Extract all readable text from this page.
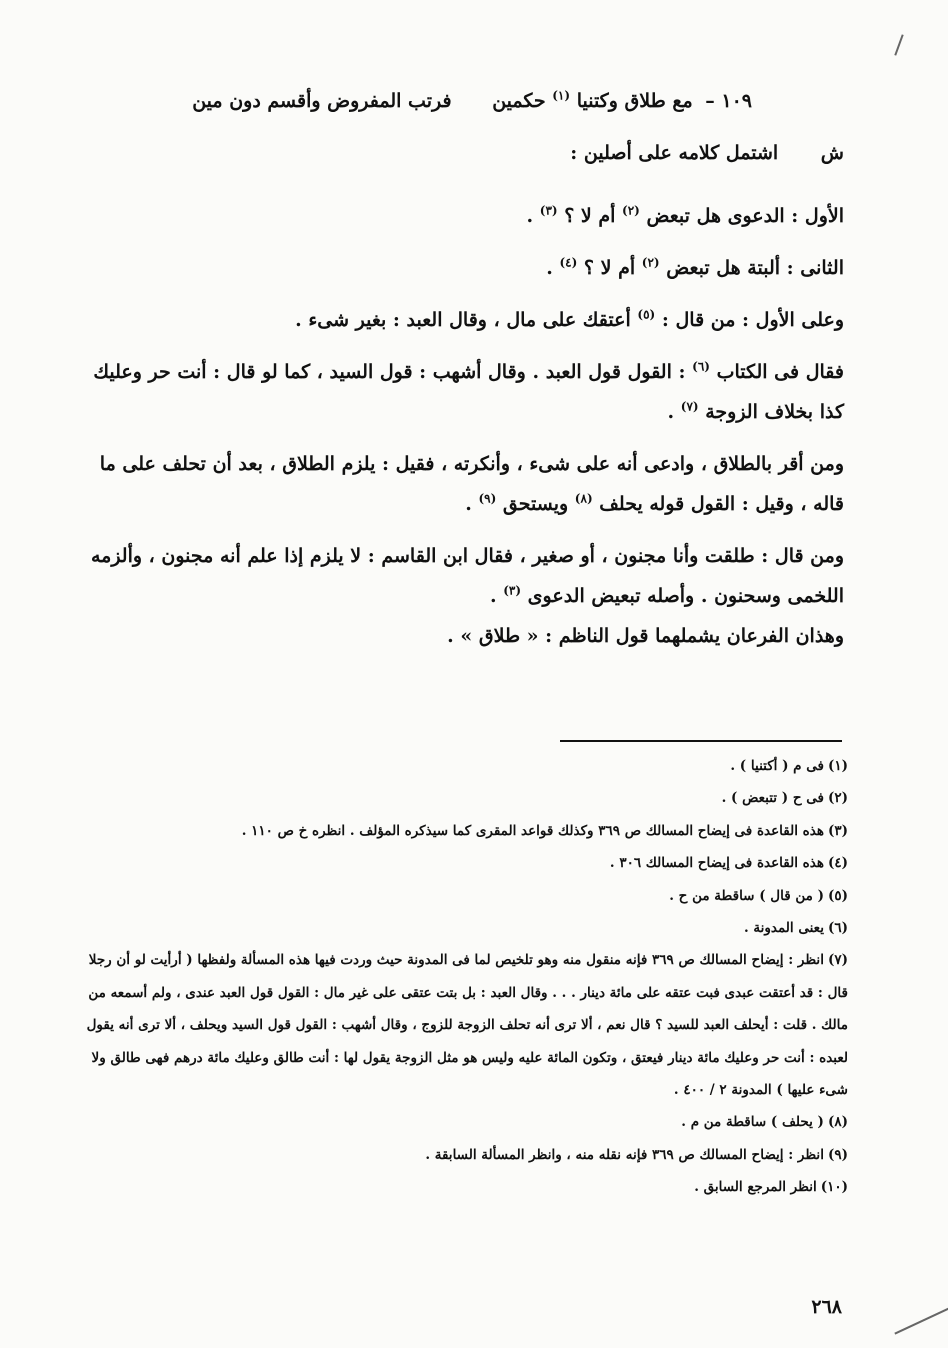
١٠٩ – مع طلاق وكتنيا $^{(١)}$ حكمين فرتب المفروض وأقسم دون مين
ش اشتمل كلامه على أصلين :

الأول : الدعوى هل تبعض $^{(٢)}$ أم لا ؟ $^{(٣)}$ .

الثانى : ألبتة هل تبعض $^{(٢)}$ أم لا ؟ $^{(٤)}$ .

وعلى الأول : من قال : $^{(٥)}$ أعتقك على مال ، وقال العبد : بغير شىء .

فقال فى الكتاب $^{(٦)}$ : القول قول العبد . وقال أشهب : قول السيد ، كما لو قال : أنت حر وعليك كذا بخلاف الزوجة $^{(٧)}$ .

ومن أقر بالطلاق ، وادعى أنه على شىء ، وأنكرته ، فقيل : يلزم الطلاق ، بعد أن تحلف على ما قاله ، وقيل : القول قوله يحلف $^{(٨)}$ ويستحق $^{(٩)}$ .

ومن قال : طلقت وأنا مجنون ، أو صغير ، فقال ابن القاسم : لا يلزم إذا علم أنه مجنون ، وألزمه اللخمى وسحنون . وأصله تبعيض الدعوى $^{(٣)}$ .

وهذان الفرعان يشملهما قول الناظم : « طلاق » .

(١)فى م ( أكتنيا ) .

(٢)فى ح ( تتبعض ) .

(٣)هذه القاعدة فى إيضاح المسالك ص ٣٦٩ وكذلك قواعد المقرى كما سيذكره المؤلف . انظره خ ص ١١٠ .

(٤)هذه القاعدة فى إيضاح المسالك ٣٠٦ .

(٥)( من قال ) ساقطة من ح .

(٦)يعنى المدونة .

(٧)انظر : إيضاح المسالك ص ٣٦٩ فإنه منقول منه وهو تلخيص لما فى المدونة حيث وردت فيها هذه المسألة ولفظها ( أرأيت لو أن رجلا قال : قد أعتقت عبدى فبت عتقه على مائة دينار . . . وقال العبد : بل بتت عتقى على غير مال : القول قول العبد عندى ، ولم أسمعه من مالك . قلت : أيحلف العبد للسيد ؟ قال نعم ، ألا ترى أنه تحلف الزوجة للزوج ، وقال أشهب : القول قول السيد ويحلف ، ألا ترى أنه يقول لعبده : أنت حر وعليك مائة دينار فيعتق ، وتكون المائة عليه وليس هو مثل الزوجة يقول لها : أنت طالق وعليك مائة درهم فهى طالق ولا شىء عليها ) المدونة ٢ / ٤٠٠ .

(٨)( يحلف ) ساقطة من م .

(٩)انظر : إيضاح المسالك ص ٣٦٩ فإنه نقله منه ، وانظر المسألة السابقة .

(١٠)انظر المرجع السابق .

٢٦٨
